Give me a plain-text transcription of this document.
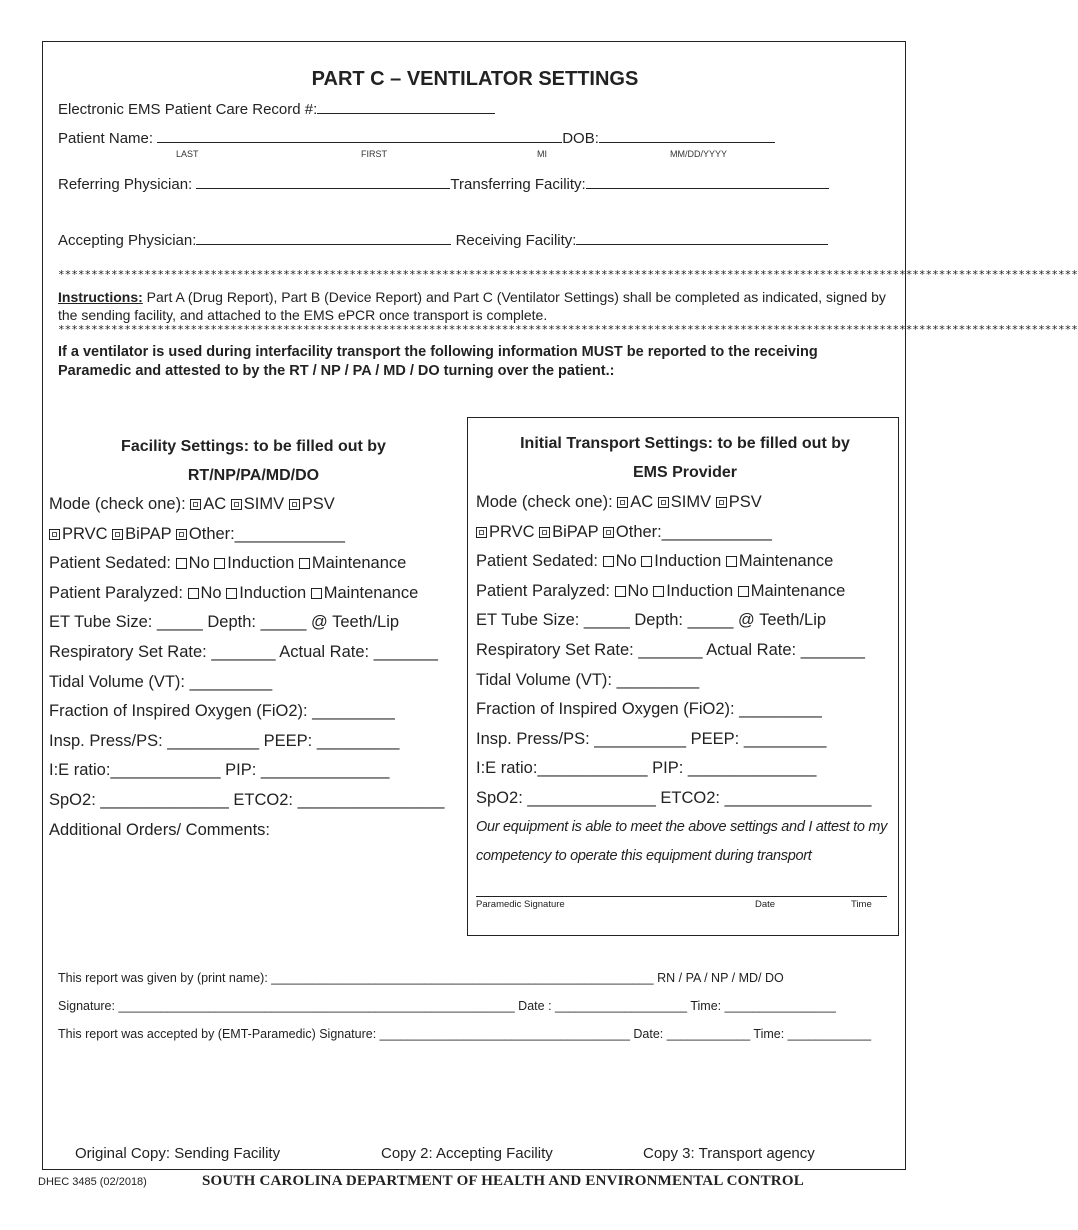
PART C – VENTILATOR SETTINGS
Electronic EMS Patient Care Record #:
Patient Name:	DOB:
LAST	FIRST	MI	MM/DD/YYYY
Referring Physician:	Transferring Facility:
Accepting Physician:	Receiving Facility:
**********************************************************************************************************************************************************
Instructions: Part A (Drug Report), Part B (Device Report) and Part C (Ventilator Settings) shall be completed as indicated, signed by the sending facility, and attached to the EMS ePCR once transport is complete.
**********************************************************************************************************************************************************
If a ventilator is used during interfacility transport the following information MUST be reported to the receiving Paramedic and attested to by the RT / NP / PA / MD / DO turning over the patient.:
Facility Settings: to be filled out by
RT/NP/PA/MD/DO
Mode (check one): AC SIMV PSV
PRVC BiPAP Other:____________
Patient Sedated: No Induction Maintenance
Patient Paralyzed: No Induction Maintenance
ET Tube Size: _____ Depth: _____ @ Teeth/Lip
Respiratory Set Rate: _______ Actual Rate: _______
Tidal Volume (VT): _________
Fraction of Inspired Oxygen (FiO2): _________
Insp. Press/PS: __________ PEEP: _________
I:E ratio:____________ PIP: ______________
SpO2: ______________ ETCO2: ________________
Additional Orders/ Comments:
Initial Transport Settings: to be filled out by
EMS Provider
Mode (check one): AC SIMV PSV
PRVC BiPAP Other:____________
Patient Sedated: No Induction Maintenance
Patient Paralyzed: No Induction Maintenance
ET Tube Size: _____ Depth: _____ @ Teeth/Lip
Respiratory Set Rate: _______ Actual Rate: _______
Tidal Volume (VT): _________
Fraction of Inspired Oxygen (FiO2): _________
Insp. Press/PS: __________ PEEP: _________
I:E ratio:____________ PIP: ______________
SpO2: ______________ ETCO2: ________________
Our equipment is able to meet the above settings and I attest to my
competency to operate this equipment during transport
Paramedic Signature	Date	Time
This report was given by (print name): _______________________________________________________ RN / PA / NP / MD/ DO
Signature: _________________________________________________________ Date : ___________________ Time: ________________
This report was accepted by (EMT-Paramedic) Signature: ____________________________________ Date: ____________ Time: ____________
Original Copy: Sending Facility	Copy 2: Accepting Facility	Copy 3: Transport agency
DHEC 3485 (02/2018)	SOUTH CAROLINA DEPARTMENT OF HEALTH AND ENVIRONMENTAL CONTROL
